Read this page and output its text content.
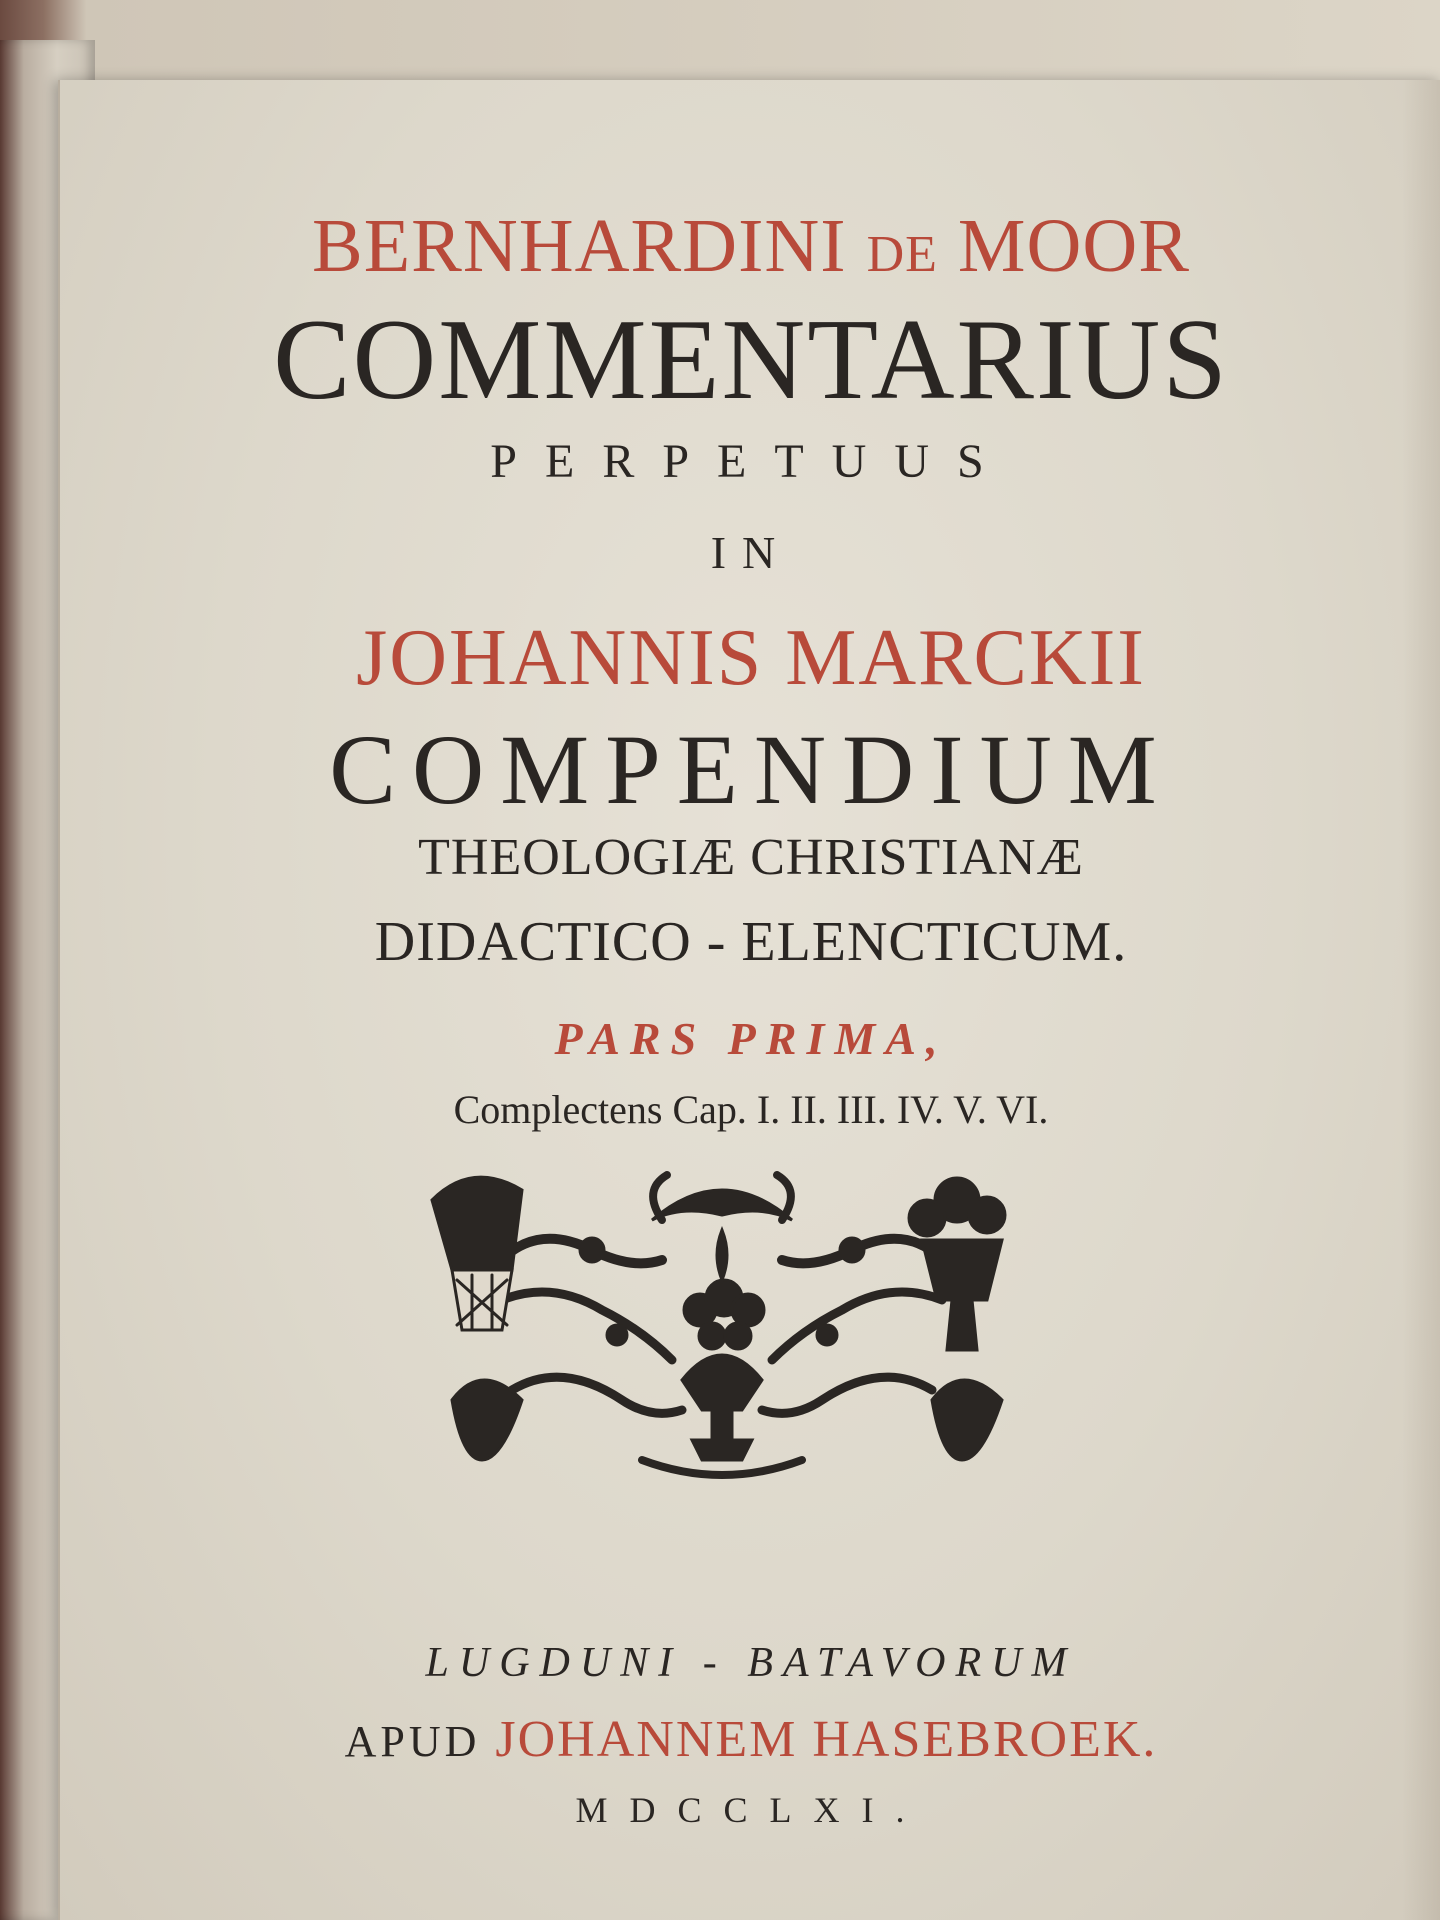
BERNHARDINI DE MOOR
COMMENTARIUS
PERPETUUS
IN
JOHANNIS MARCKII
COMPENDIUM
THEOLOGIÆ CHRISTIANÆ
DIDACTICO - ELENCTICUM.
PARS PRIMA,
Complectens Cap. I. II. III. IV. V. VI.
LUGDUNI - BATAVORUM
APUD JOHANNEM HASEBROEK.
MDCCLXI.
